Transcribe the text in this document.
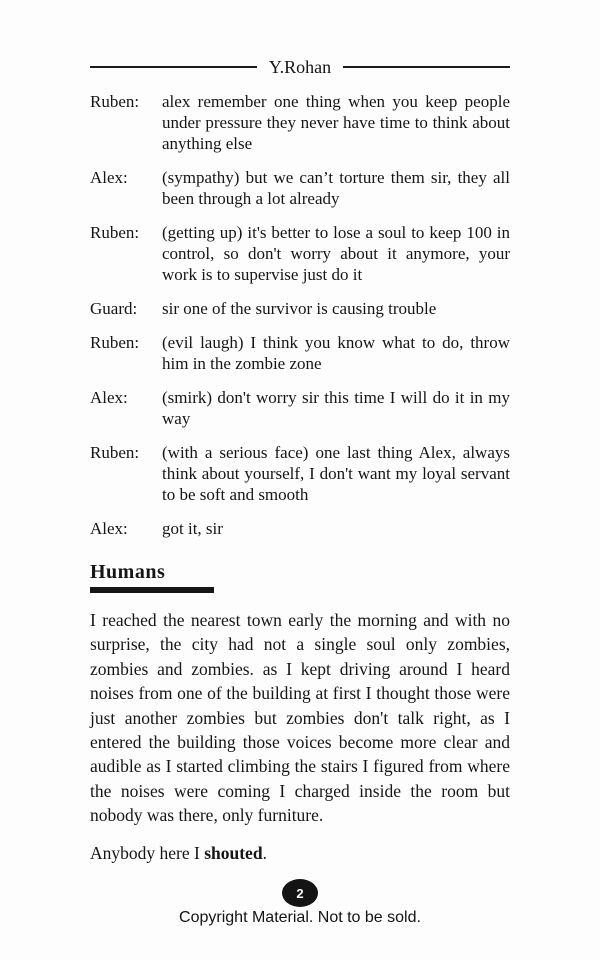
Y.Rohan
Ruben:	alex remember one thing when you keep people under pressure they never have time to think about anything else
Alex:	(sympathy) but we can’t torture them sir, they all been through a lot already
Ruben:	(getting up) it's better to lose a soul to keep 100 in control, so don't worry about it anymore, your work is to supervise just do it
Guard:	sir one of the survivor is causing trouble
Ruben:	(evil laugh) I think you know what to do, throw him in the zombie zone
Alex:	(smirk) don't worry sir this time I will do it in my way
Ruben:	(with a serious face) one last thing Alex, always think about yourself, I don't want my loyal servant to be soft and smooth
Alex:	got it, sir
Humans

I reached the nearest town early the morning and with no surprise, the city had not a single soul only zombies, zombies and zombies. as I kept driving around I heard noises from one of the building at first I thought those were just another zombies but zombies don't talk right, as I entered the building those voices become more clear and audible as I started climbing the stairs I figured from where the noises were coming I charged inside the room but nobody was there, only furniture.

Anybody here I shouted.

2
Copyright Material. Not to be sold.
